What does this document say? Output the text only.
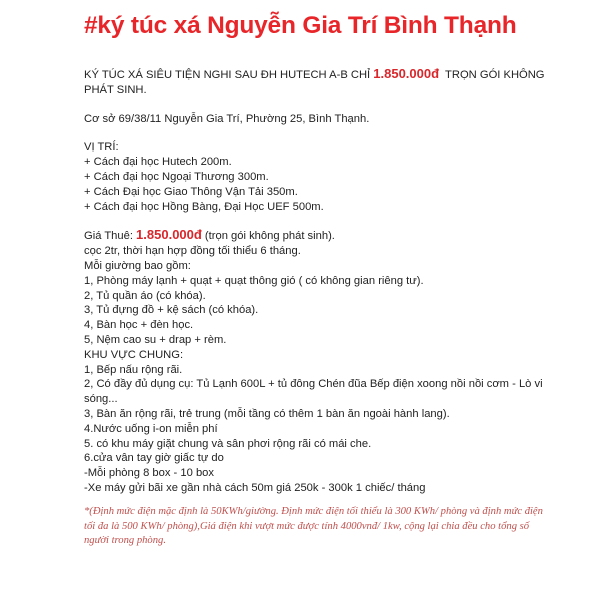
#ký túc xá Nguyễn Gia Trí Bình Thạnh

KÝ TÚC XÁ SIÊU TIỆN NGHI SAU ĐH HUTECH A-B CHỈ 1.850.000đ  TRỌN GÓI KHÔNG PHÁT SINH.

Cơ sở 69/38/11 Nguyễn Gia Trí, Phường 25, Bình Thạnh.

VỊ TRÍ:

+ Cách đại học Hutech 200m.

+ Cách đại học Ngoại Thương 300m.

+ Cách Đại học Giao Thông Vận Tải 350m.

+ Cách đại học Hồng Bàng, Đại Học UEF 500m.

Giá Thuê: 1.850.000đ (trọn gói không phát sinh).

cọc 2tr, thời hạn hợp đồng tối thiểu 6 tháng.

Mỗi giường bao gồm:

1, Phòng máy lạnh + quạt + quạt thông gió ( có không gian riêng tư).

2, Tủ quần áo (có khóa).

3, Tủ đựng đồ + kệ sách (có khóa).

4, Bàn học + đèn học.

5, Nệm cao su + drap + rèm.

KHU VỰC CHUNG:

1, Bếp nấu rộng rãi.

2, Có đầy đủ dụng cụ: Tủ Lạnh 600L + tủ đông Chén đũa Bếp điện xoong nồi nồi cơm - Lò vi sóng...

3, Bàn ăn rộng rãi, trẻ trung (mỗi tầng có thêm 1 bàn ăn ngoài hành lang).

4.Nước uống i-on miễn phí

5. có khu máy giặt chung và sân phơi rộng rãi có mái che.

6.cửa vân tay giờ giấc tự do

-Mỗi phòng 8 box - 10 box

-Xe máy gửi bãi xe gần nhà cách 50m giá 250k - 300k 1 chiếc/ tháng

*(Định mức điện mặc định là 50KWh/giường. Định mức điện tối thiểu là 300 KWh/ phòng và định mức điện tối đa là 500 KWh/ phòng),Giá điện khi vượt mức được tính 4000vnđ/ 1kw, cộng lại chia đều cho tổng số người trong phòng.
